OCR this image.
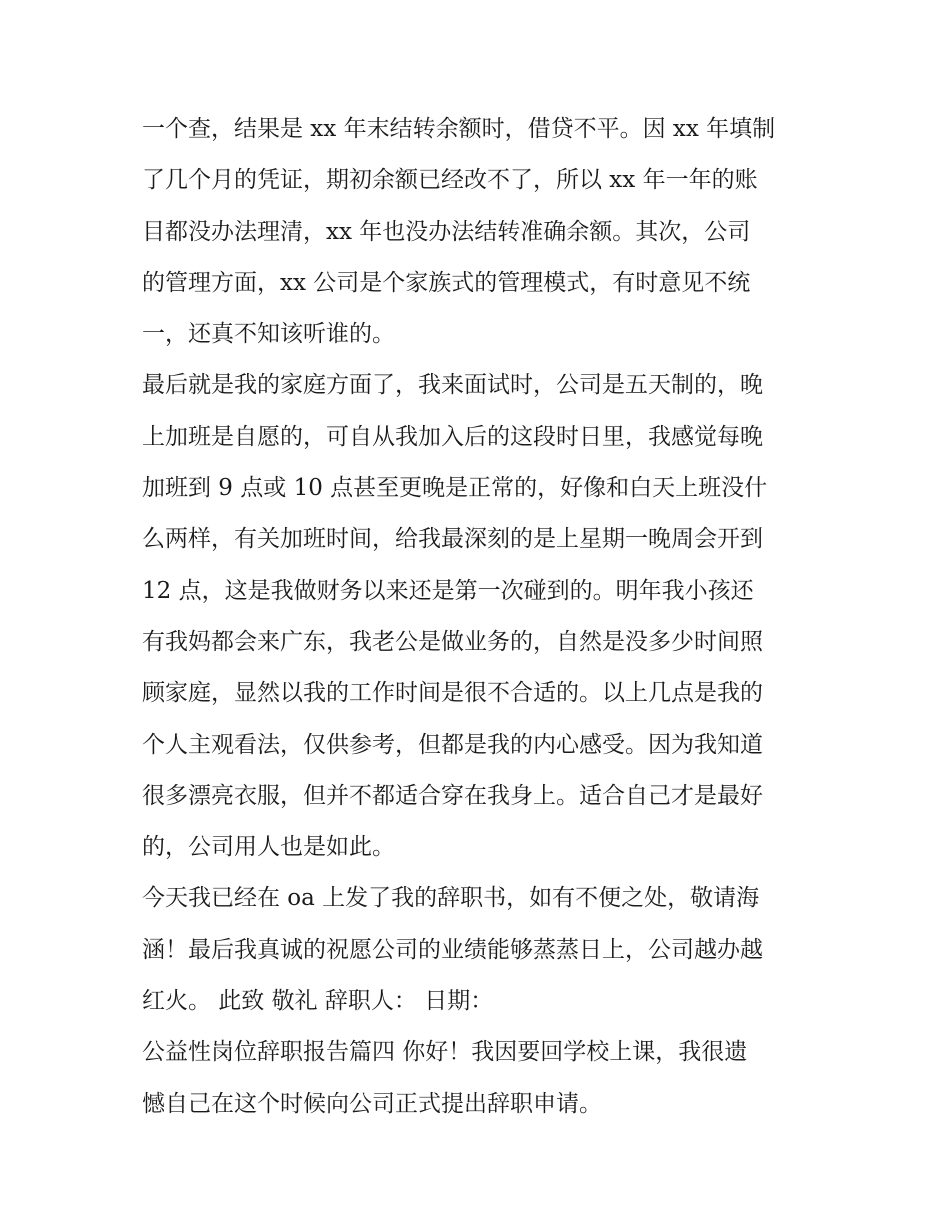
一个查，结果是 xx 年末结转余额时，借贷不平。因 xx 年填制
了几个月的凭证，期初余额已经改不了，所以 xx 年一年的账
目都没办法理清，xx 年也没办法结转准确余额。其次，公司
的管理方面，xx 公司是个家族式的管理模式，有时意见不统
一，还真不知该听谁的。

最后就是我的家庭方面了，我来面试时，公司是五天制的，晚
上加班是自愿的，可自从我加入后的这段时日里，我感觉每晚
加班到 9 点或 10 点甚至更晚是正常的，好像和白天上班没什
么两样，有关加班时间，给我最深刻的是上星期一晚周会开到
12 点，这是我做财务以来还是第一次碰到的。明年我小孩还
有我妈都会来广东，我老公是做业务的，自然是没多少时间照
顾家庭，显然以我的工作时间是很不合适的。以上几点是我的
个人主观看法，仅供参考，但都是我的内心感受。因为我知道
很多漂亮衣服，但并不都适合穿在我身上。适合自己才是最好
的，公司用人也是如此。

今天我已经在 oa 上发了我的辞职书，如有不便之处，敬请海
涵！最后我真诚的祝愿公司的业绩能够蒸蒸日上，公司越办越
红火。 此致 敬礼 辞职人： 日期：

公益性岗位辞职报告篇四 你好！我因要回学校上课，我很遗
憾自己在这个时候向公司正式提出辞职申请。
